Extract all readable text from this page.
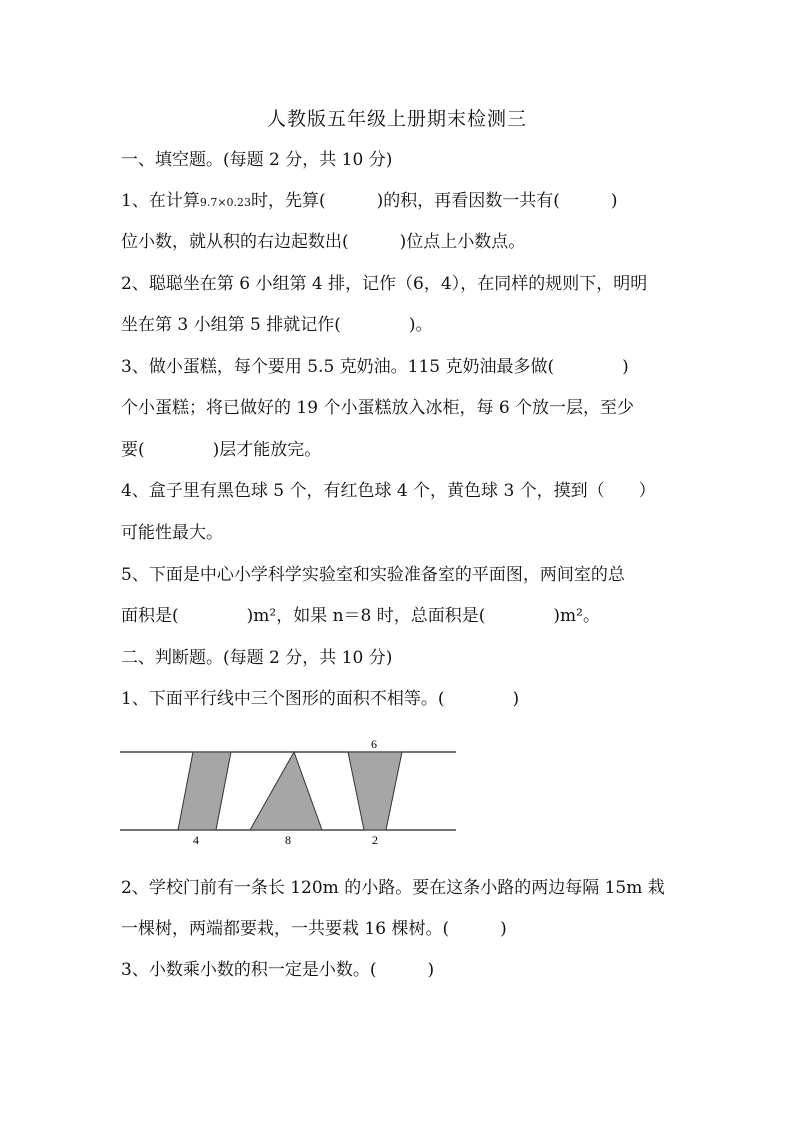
人教版五年级上册期末检测三
一、填空题。(每题 2 分，共 10 分)
1、在计算9.7×0.23时，先算(　　　)的积，再看因数一共有(　　　)
位小数，就从积的右边起数出(　　　)位点上小数点。
2、聪聪坐在第 6 小组第 4 排，记作（6，4），在同样的规则下，明明
坐在第 3 小组第 5 排就记作(　　　　)。
3、做小蛋糕，每个要用 5.5 克奶油。115 克奶油最多做(　　　　)
个小蛋糕；将已做好的 19 个小蛋糕放入冰柜，每 6 个放一层，至少
要(　　　　)层才能放完。
4、盒子里有黑色球 5 个，有红色球 4 个，黄色球 3 个，摸到（　　）
可能性最大。
5、下面是中心小学科学实验室和实验准备室的平面图，两间室的总
面积是(　　　　)m²，如果 n＝8 时，总面积是(　　　　)m²。
二、判断题。(每题 2 分，共 10 分)
1、下面平行线中三个图形的面积不相等。(　　　　)
6
4	8	2
2、学校门前有一条长 120m 的小路。要在这条小路的两边每隔 15m 栽
一棵树，两端都要栽，一共要栽 16 棵树。(　　　)
3、小数乘小数的积一定是小数。(　　　)
